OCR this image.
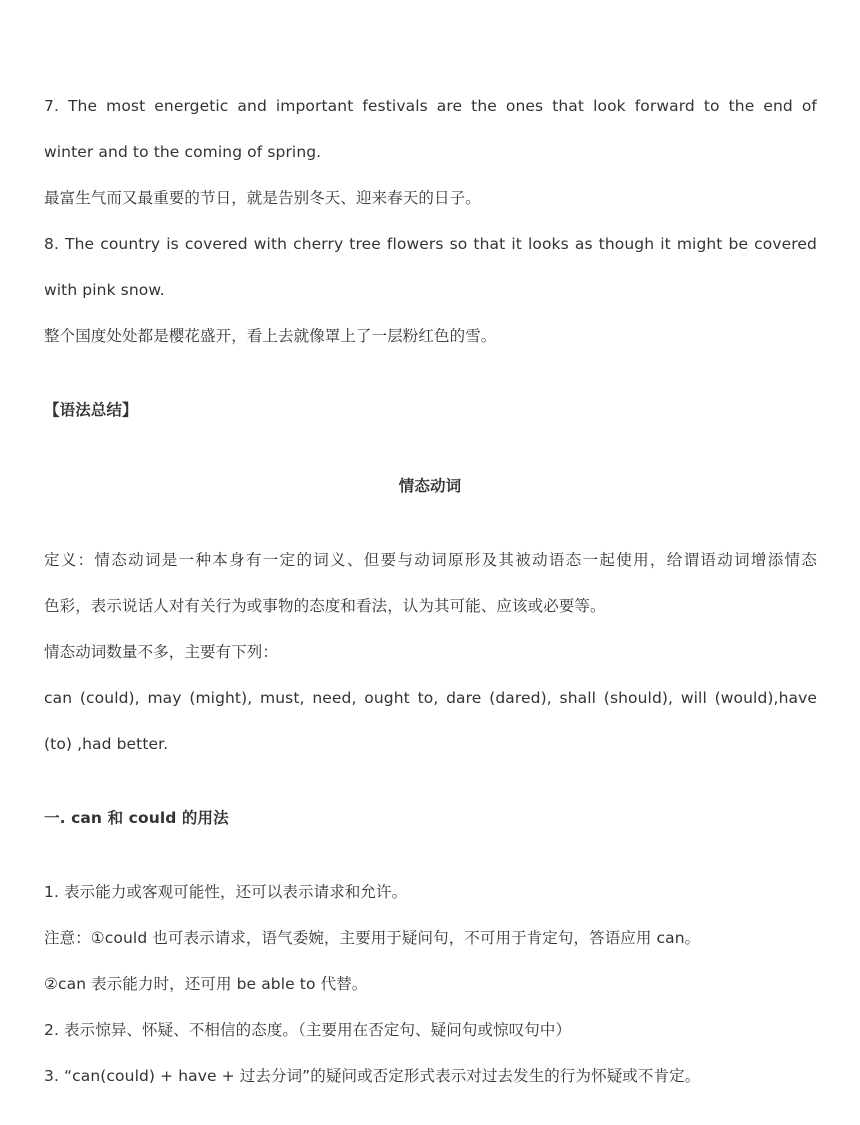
7. The most energetic and important festivals are the ones that look forward to the end of
winter and to the coming of spring.
最富生气而又最重要的节日，就是告别冬天、迎来春天的日子。
8. The country is covered with cherry tree flowers so that it looks as though it might be covered
with pink snow.
整个国度处处都是樱花盛开，看上去就像罩上了一层粉红色的雪。
【语法总结】
情态动词
定义：情态动词是一种本身有一定的词义、但要与动词原形及其被动语态一起使用，给谓语动词增添情态
色彩，表示说话人对有关行为或事物的态度和看法，认为其可能、应该或必要等。
情态动词数量不多，主要有下列：
can (could), may (might), must, need, ought to, dare (dared), shall (should), will (would),have
(to) ,had better.
一. can 和 could 的用法
1. 表示能力或客观可能性，还可以表示请求和允许。
注意：①could 也可表示请求，语气委婉，主要用于疑问句，不可用于肯定句，答语应用 can。
②can 表示能力时，还可用 be able to 代替。
2. 表示惊异、怀疑、不相信的态度。（主要用在否定句、疑问句或惊叹句中）
3. “can(could) + have + 过去分词”的疑问或否定形式表示对过去发生的行为怀疑或不肯定。
